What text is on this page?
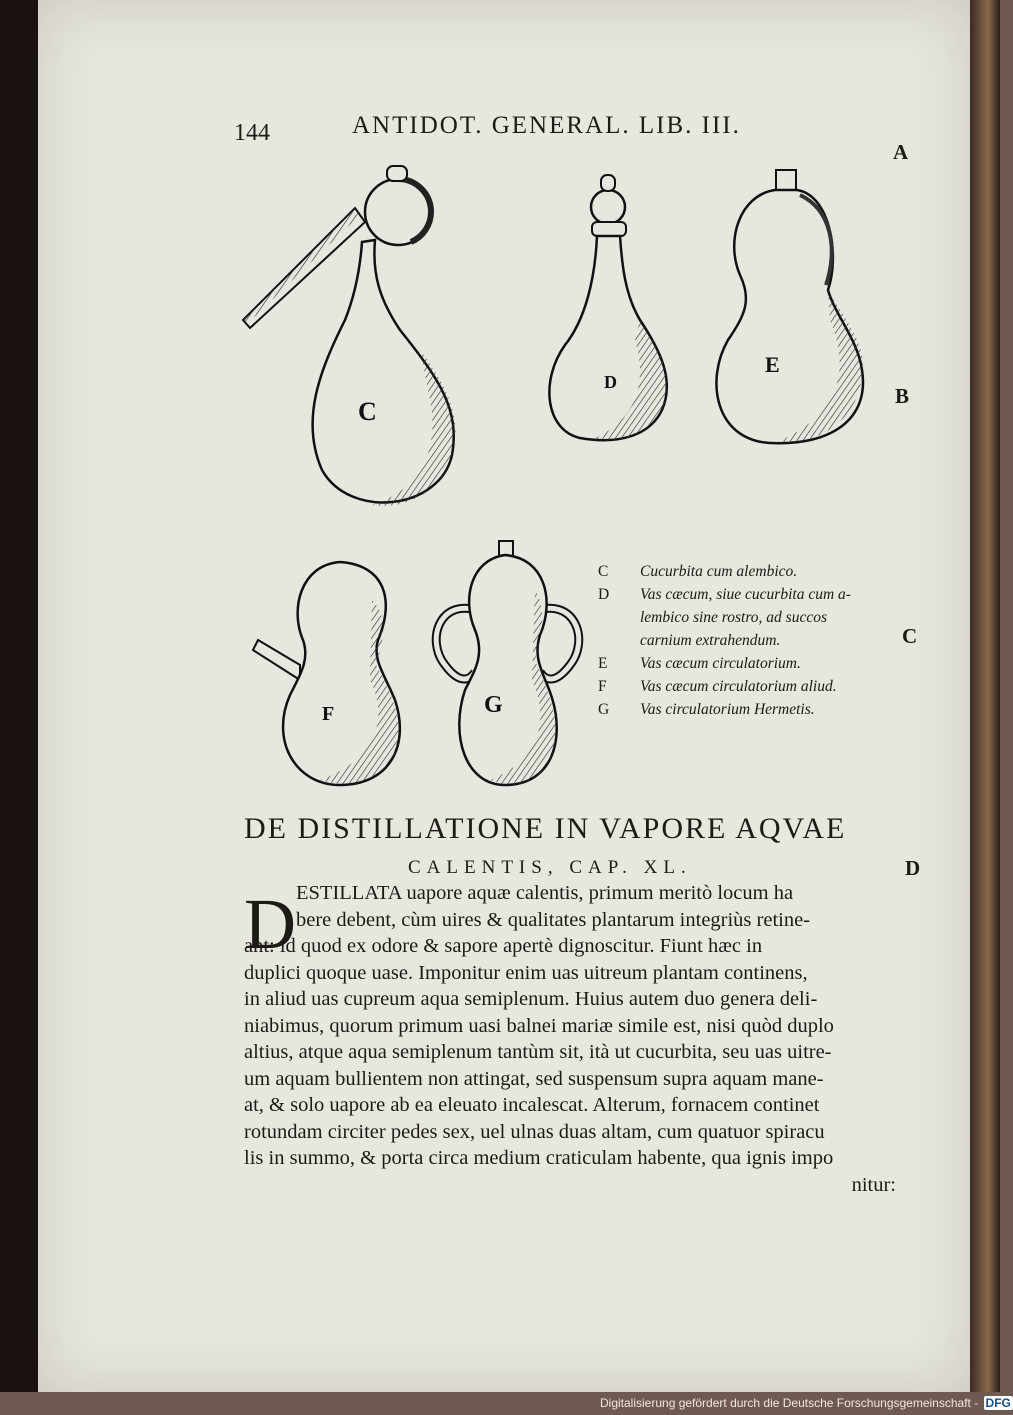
144	ANTIDOT. GENERAL. LIB. III.
A
B
C
D
C
D
E
F	G
C	Cucurbita cum alembico.
D	Vas cæcum, siue cucurbita cum a-
lembico sine rostro, ad succos
carnium extrahendum.
E	Vas cæcum circulatorium.
F	Vas cæcum circulatorium aliud.
G	Vas circulatorium Hermetis.
DE DISTILLATIONE IN VAPORE AQVAE
CALENTIS, CAP. XL.
D ESTILLATA uapore aquæ calentis, primum meritò locum ha
bere debent, cùm uires & qualitates plantarum integriùs retine-
ant: id quod ex odore & sapore apertè dignoscitur. Fiunt hæc in
duplici quoque uase. Imponitur enim uas uitreum plantam continens,
in aliud uas cupreum aqua semiplenum. Huius autem duo genera deli-
niabimus, quorum primum uasi balnei mariæ simile est, nisi quòd duplo
altius, atque aqua semiplenum tantùm sit, ità ut cucurbita, seu uas uitre-
um aquam bullientem non attingat, sed suspensum supra aquam mane-
at, & solo uapore ab ea eleuato incalescat. Alterum, fornacem continet
rotundam circiter pedes sex, uel ulnas duas altam, cum quatuor spiracu
lis in summo, & porta circa medium craticulam habente, qua ignis impo
nitur:
Digitalisierung gefördert durch die Deutsche Forschungsgemeinschaft - DFG
